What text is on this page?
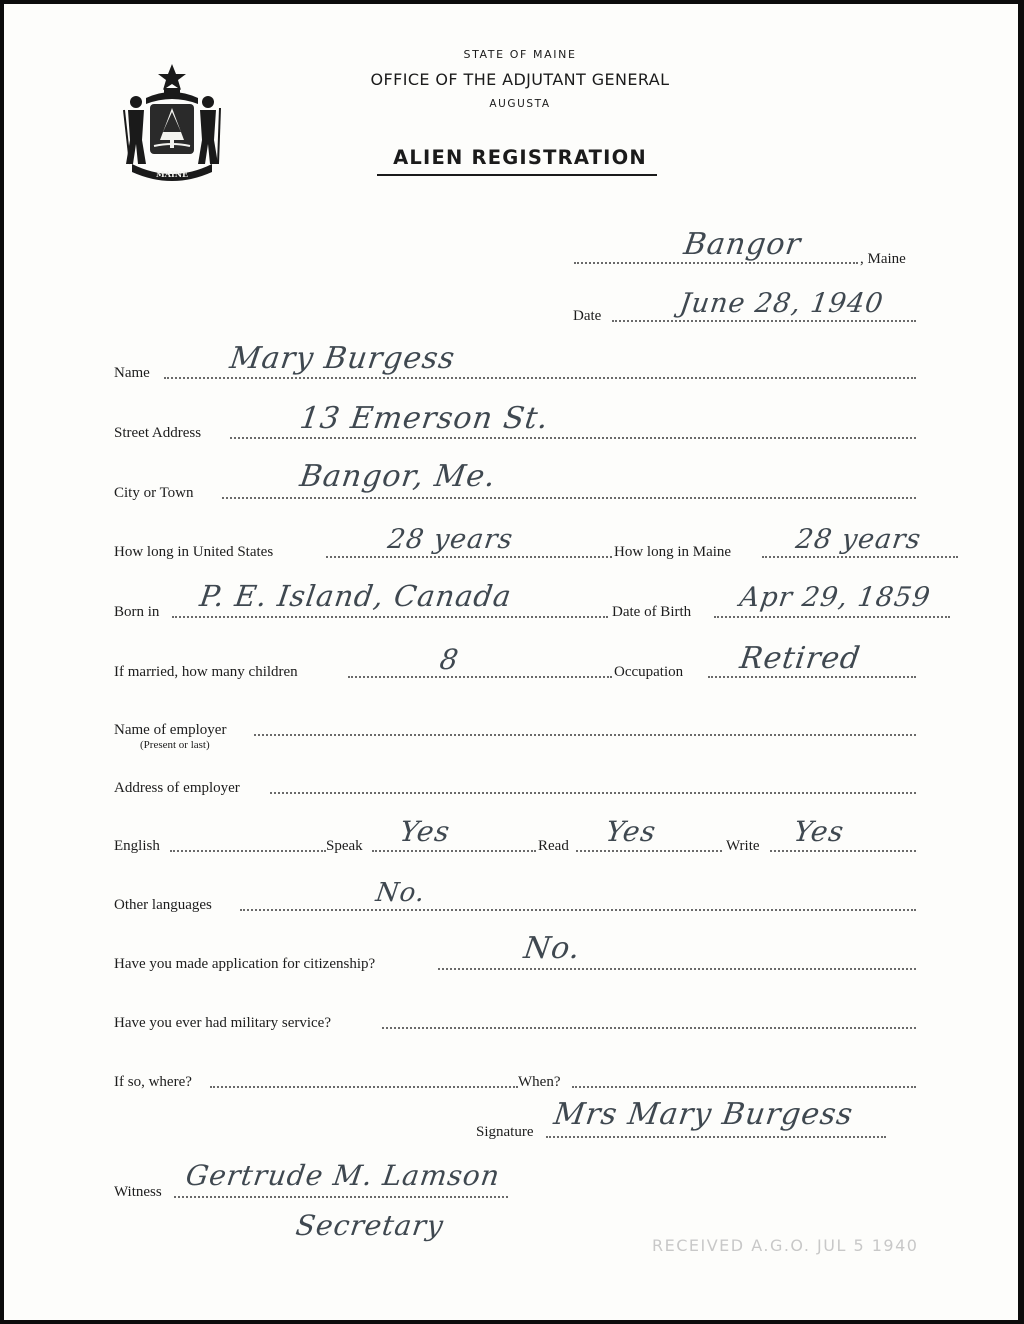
MAINE
STATE OF MAINE
OFFICE OF THE ADJUTANT GENERAL
AUGUSTA
ALIEN REGISTRATION
Bangor	, Maine
Date	June 28, 1940
Name	Mary Burgess
Street Address	13 Emerson St.
City or Town	Bangor, Me.
How long in United States	28 years	How long in Maine 28 years
Born in P. E. Island, Canada	Date of Birth Apr 29, 1859
If married, how many children	8	Occupation Retired
Name of employer
(Present or last)
Address of employer
English	Speak Yes	Read Yes	Write Yes
Other languages	No.
Have you made application for citizenship?	No.
Have you ever had military service?
If so, where?	When?
Signature Mrs Mary Burgess
Witness Gertrude M. Lamson
Secretary
RECEIVED A.G.O. JUL 5 1940
